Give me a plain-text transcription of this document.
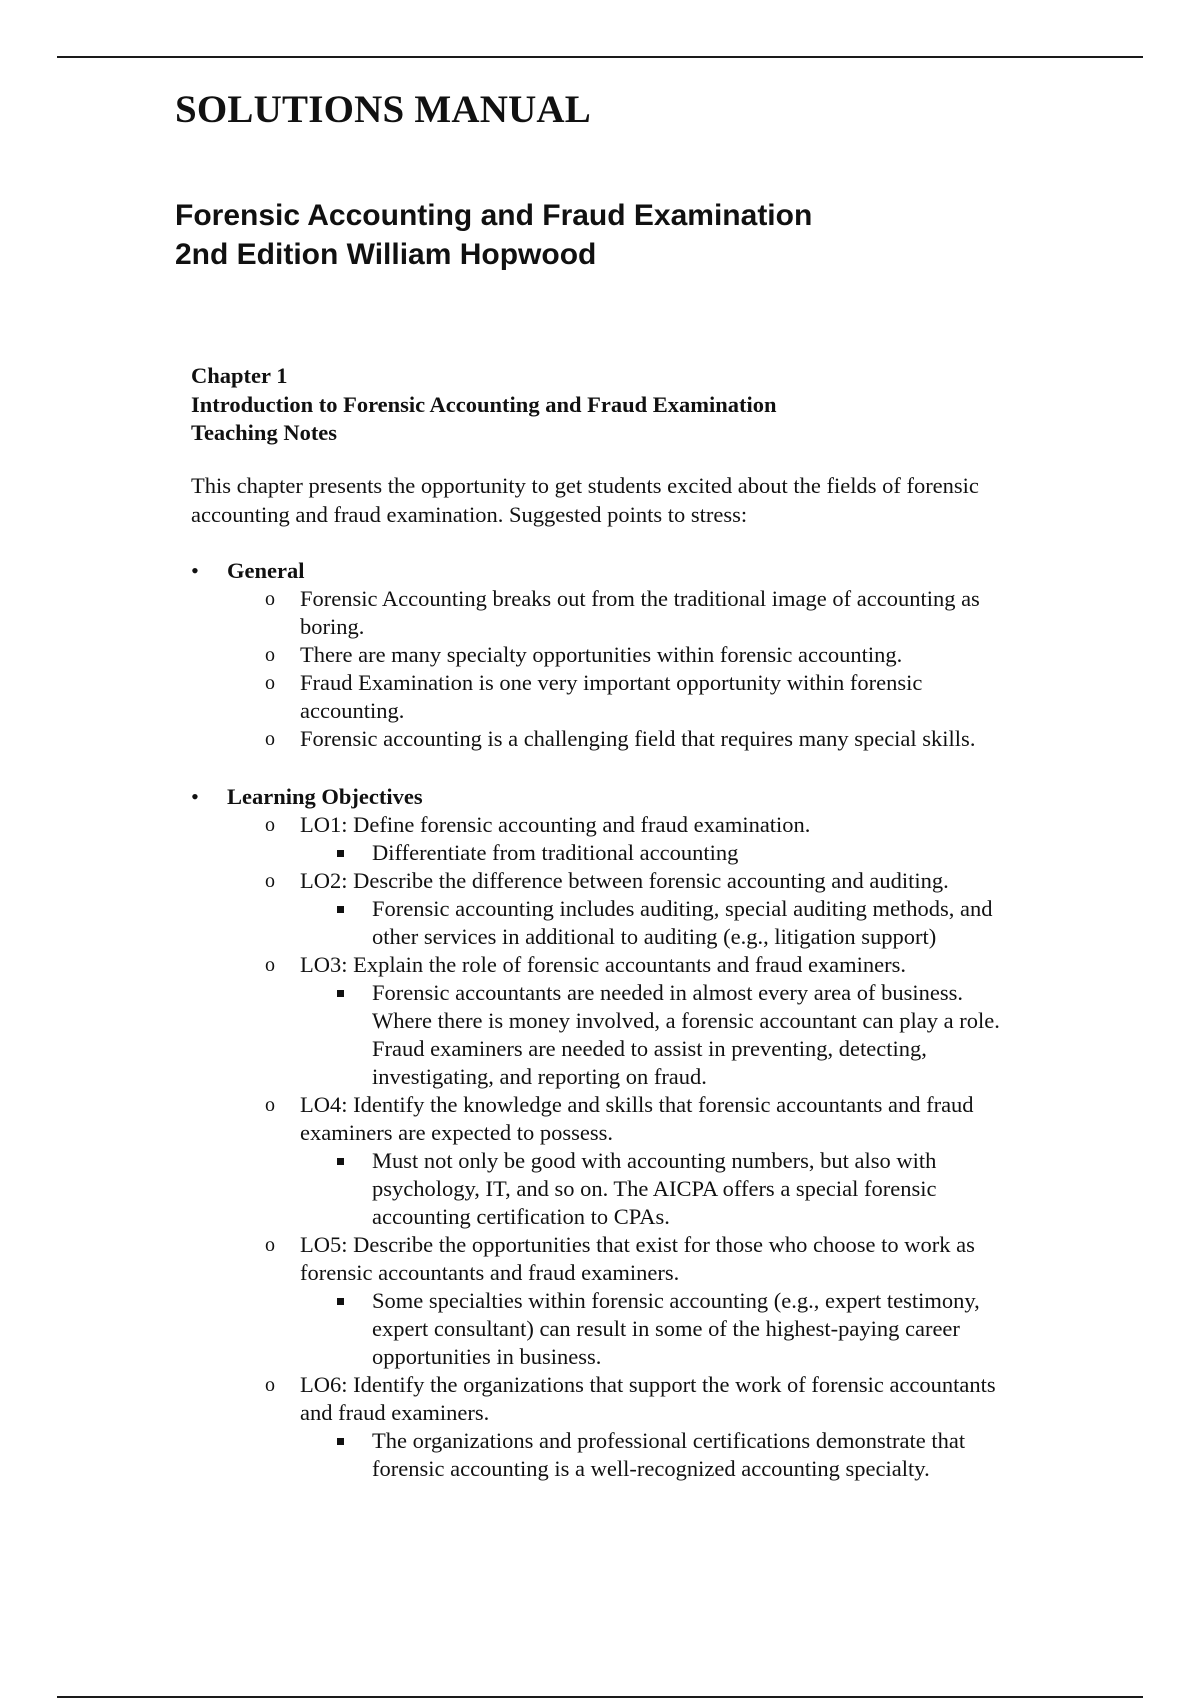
SOLUTIONS MANUAL
Forensic Accounting and Fraud Examination
2nd Edition William Hopwood
Chapter 1
Introduction to Forensic Accounting and Fraud Examination
Teaching Notes

This chapter presents the opportunity to get students excited about the fields of forensic
accounting and fraud examination. Suggested points to stress:

•	General
o Forensic Accounting breaks out from the traditional image of accounting as
boring.
o There are many specialty opportunities within forensic accounting.
o Fraud Examination is one very important opportunity within forensic
accounting.
o Forensic accounting is a challenging field that requires many special skills.
•	Learning Objectives
o LO1: Define forensic accounting and fraud examination.
Differentiate from traditional accounting
o LO2: Describe the difference between forensic accounting and auditing.
Forensic accounting includes auditing, special auditing methods, and
other services in additional to auditing (e.g., litigation support)
o LO3: Explain the role of forensic accountants and fraud examiners.
Forensic accountants are needed in almost every area of business.
Where there is money involved, a forensic accountant can play a role.
Fraud examiners are needed to assist in preventing, detecting,
investigating, and reporting on fraud.
o LO4: Identify the knowledge and skills that forensic accountants and fraud
examiners are expected to possess.
Must not only be good with accounting numbers, but also with
psychology, IT, and so on. The AICPA offers a special forensic
accounting certification to CPAs.
o LO5: Describe the opportunities that exist for those who choose to work as
forensic accountants and fraud examiners.
Some specialties within forensic accounting (e.g., expert testimony,
expert consultant) can result in some of the highest-paying career
opportunities in business.
o LO6: Identify the organizations that support the work of forensic accountants
and fraud examiners.
The organizations and professional certifications demonstrate that
forensic accounting is a well-recognized accounting specialty.
